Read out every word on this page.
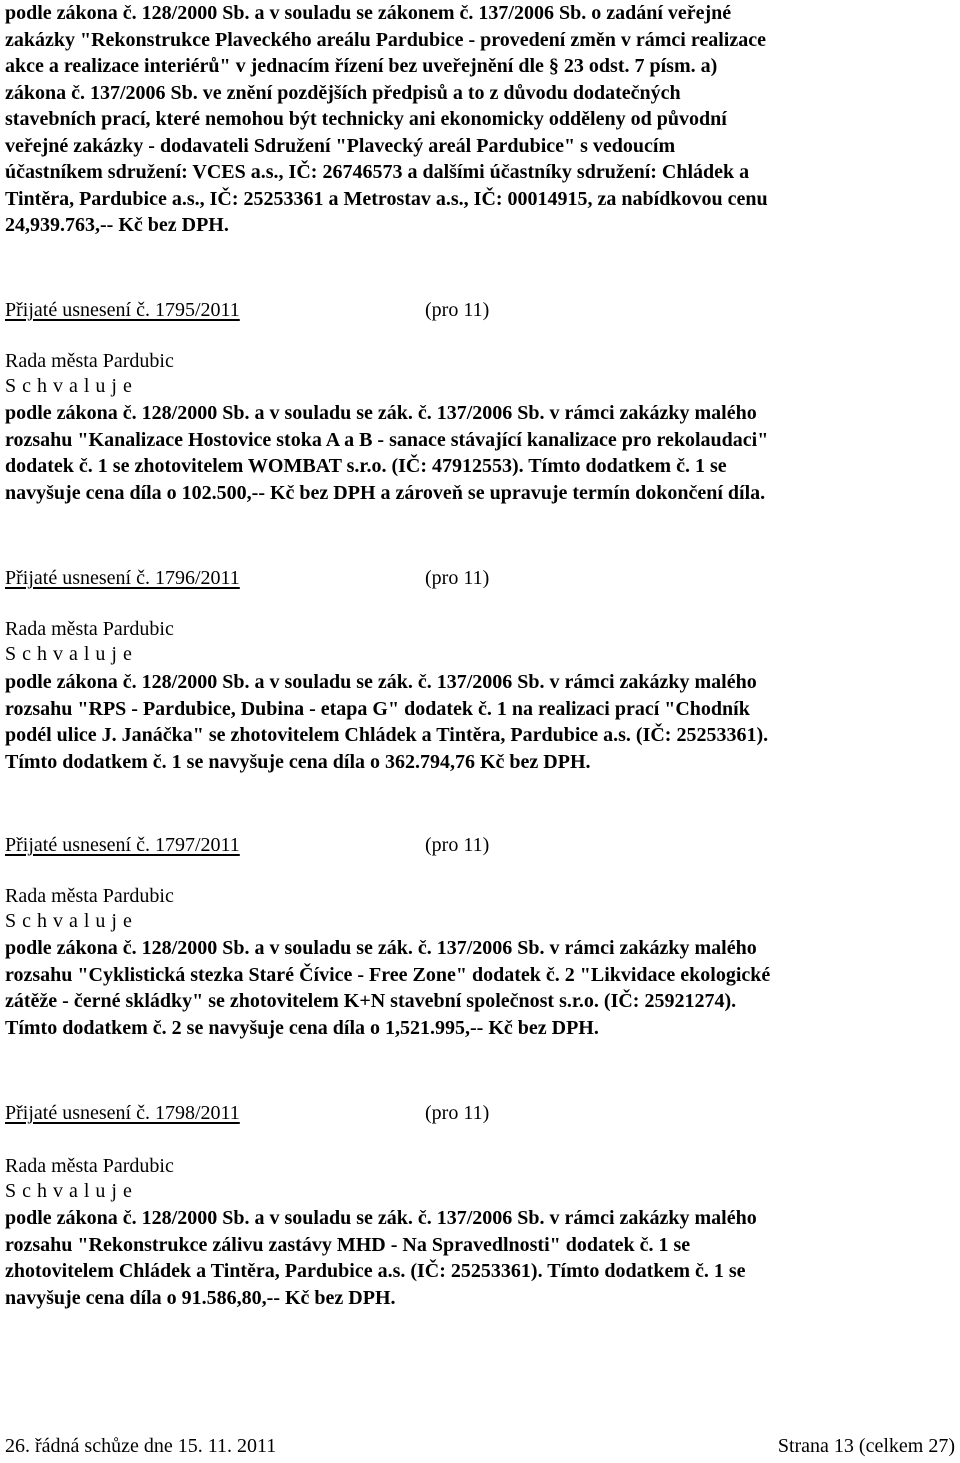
podle zákona č. 128/2000 Sb. a v souladu se zákonem č. 137/2006 Sb. o zadání veřejné
zakázky "Rekonstrukce Plaveckého areálu Pardubice - provedení změn v rámci realizace
akce a realizace interiérů" v jednacím řízení bez uveřejnění dle § 23 odst. 7 písm. a)
zákona č. 137/2006 Sb. ve znění pozdějších předpisů a to z důvodu dodatečných
stavebních prací, které nemohou být technicky ani ekonomicky odděleny od původní
veřejné zakázky - dodavateli Sdružení "Plavecký areál Pardubice" s vedoucím
účastníkem sdružení: VCES a.s., IČ: 26746573 a dalšími účastníky sdružení: Chládek a
Tintěra, Pardubice a.s., IČ: 25253361 a Metrostav a.s., IČ: 00014915, za nabídkovou cenu
24,939.763,-- Kč bez DPH.
Přijaté usnesení č. 1795/2011	(pro 11)
Rada města Pardubic
S c h v a l u j e
podle zákona č. 128/2000 Sb. a v souladu se zák. č. 137/2006 Sb. v rámci zakázky malého
rozsahu "Kanalizace Hostovice stoka A a B - sanace stávající kanalizace pro rekolaudaci"
dodatek č. 1 se zhotovitelem WOMBAT s.r.o. (IČ: 47912553). Tímto dodatkem č. 1 se
navyšuje cena díla o 102.500,-- Kč bez DPH a zároveň se upravuje termín dokončení díla.
Přijaté usnesení č. 1796/2011	(pro 11)
Rada města Pardubic
S c h v a l u j e
podle zákona č. 128/2000 Sb. a v souladu se zák. č. 137/2006 Sb. v rámci zakázky malého
rozsahu "RPS - Pardubice, Dubina - etapa G" dodatek č. 1 na realizaci prací "Chodník
podél ulice J. Janáčka" se zhotovitelem Chládek a Tintěra, Pardubice a.s. (IČ: 25253361).
Tímto dodatkem č. 1 se navyšuje cena díla o 362.794,76 Kč bez DPH.
Přijaté usnesení č. 1797/2011	(pro 11)
Rada města Pardubic
S c h v a l u j e
podle zákona č. 128/2000 Sb. a v souladu se zák. č. 137/2006 Sb. v rámci zakázky malého
rozsahu "Cyklistická stezka Staré Čívice - Free Zone" dodatek č. 2 "Likvidace ekologické
zátěže - černé skládky" se zhotovitelem K+N stavební společnost s.r.o. (IČ: 25921274).
Tímto dodatkem č. 2 se navyšuje cena díla o 1,521.995,-- Kč bez DPH.
Přijaté usnesení č. 1798/2011	(pro 11)
Rada města Pardubic
S c h v a l u j e
podle zákona č. 128/2000 Sb. a v souladu se zák. č. 137/2006 Sb. v rámci zakázky malého
rozsahu "Rekonstrukce zálivu zastávy MHD - Na Spravedlnosti" dodatek č. 1 se
zhotovitelem Chládek a Tintěra, Pardubice a.s. (IČ: 25253361). Tímto dodatkem č. 1 se
navyšuje cena díla o 91.586,80,-- Kč bez DPH.
26. řádná schůze dne 15. 11. 2011	Strana 13 (celkem 27)
